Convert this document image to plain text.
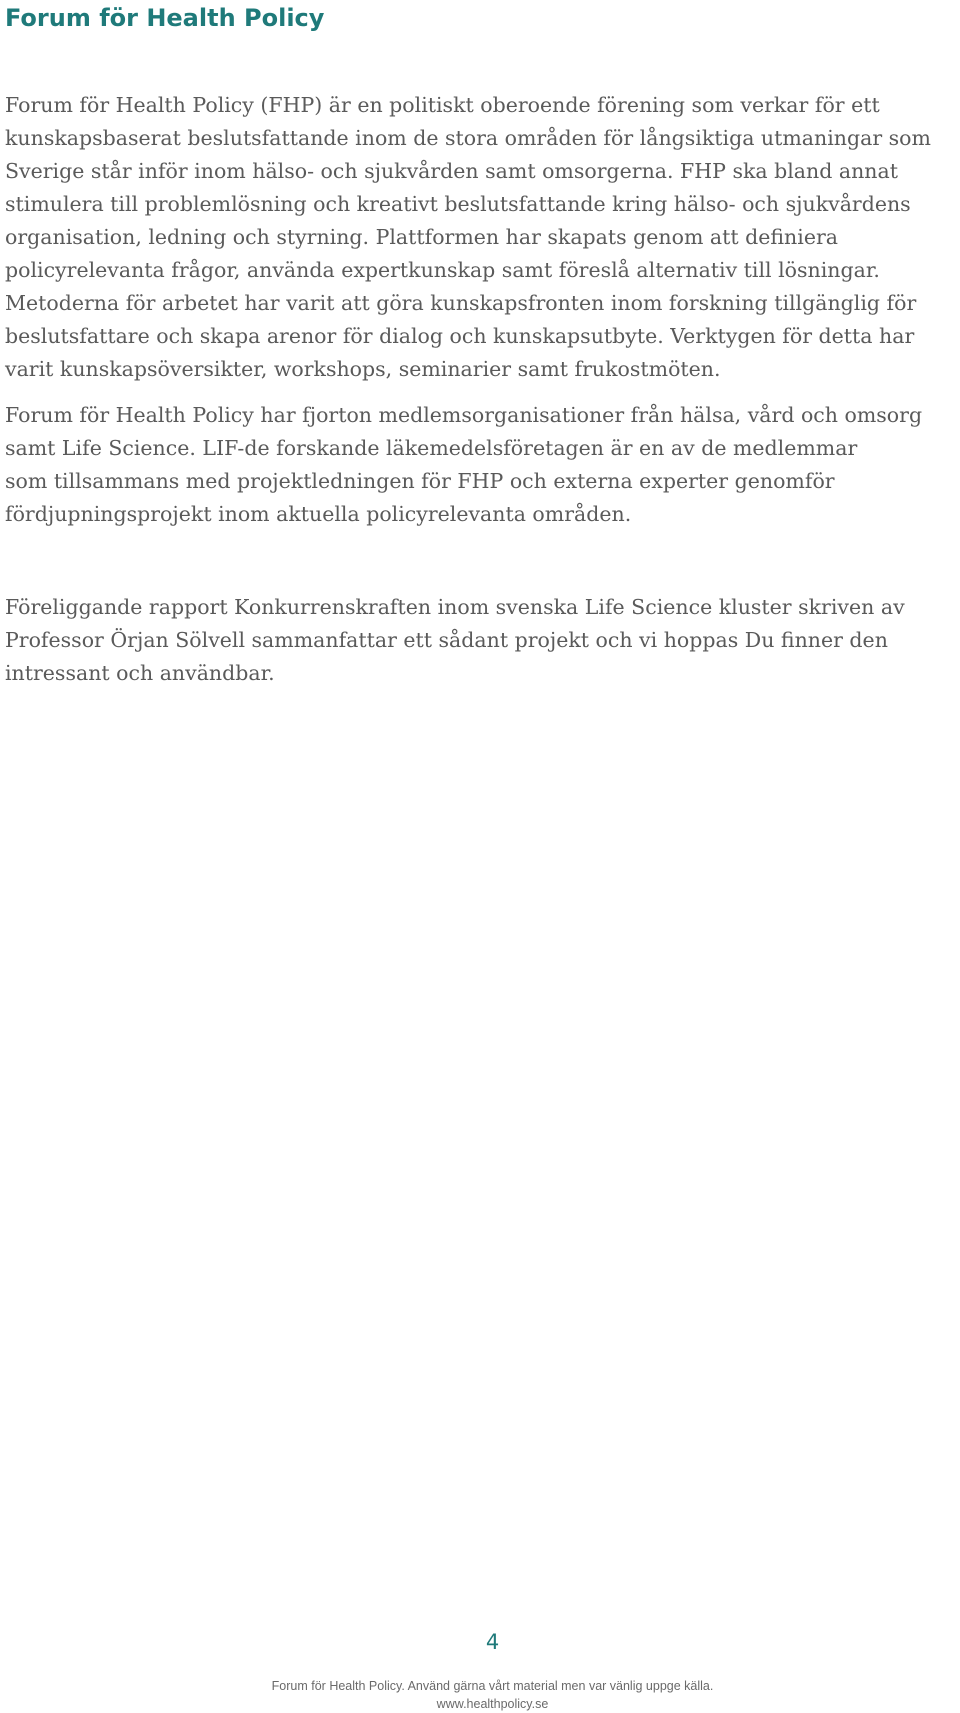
Forum för Health Policy

Forum för Health Policy (FHP) är en politiskt oberoende förening som verkar för ett
kunskapsbaserat beslutsfattande inom de stora områden för långsiktiga utmaningar som
Sverige står inför inom hälso- och sjukvården samt omsorgerna. FHP ska bland annat
stimulera till problemlösning och kreativt beslutsfattande kring hälso- och sjukvårdens
organisation, ledning och styrning. Plattformen har skapats genom att definiera
policyrelevanta frågor, använda expertkunskap samt föreslå alternativ till lösningar.
Metoderna för arbetet har varit att göra kunskapsfronten inom forskning tillgänglig för
beslutsfattare och skapa arenor för dialog och kunskapsutbyte. Verktygen för detta har
varit kunskapsöversikter, workshops, seminarier samt frukostmöten.

Forum för Health Policy har fjorton medlemsorganisationer från hälsa, vård och omsorg
samt Life Science. LIF-de forskande läkemedelsföretagen är en av de medlemmar
som tillsammans med projektledningen för FHP och externa experter genomför
fördjupningsprojekt inom aktuella policyrelevanta områden.

Föreliggande rapport Konkurrenskraften inom svenska Life Science kluster skriven av
Professor Örjan Sölvell sammanfattar ett sådant projekt och vi hoppas Du finner den
intressant och användbar.

4
Forum för Health Policy. Använd gärna vårt material men var vänlig uppge källa.
www.healthpolicy.se
